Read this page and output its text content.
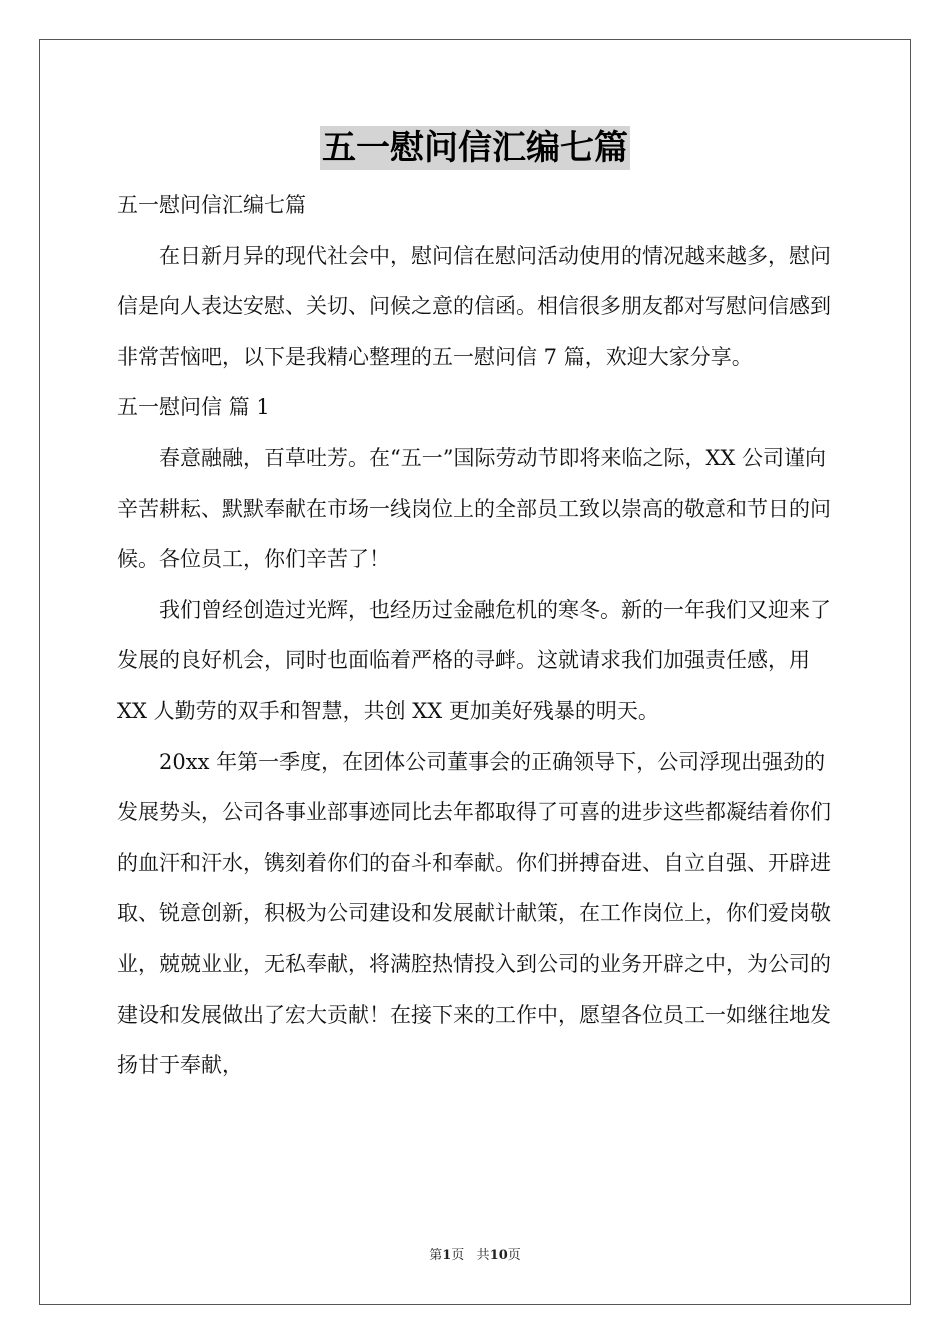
五一慰问信汇编七篇

五一慰问信汇编七篇

在日新月异的现代社会中，慰问信在慰问活动使用的情况越来越多，慰问信是向人表达安慰、关切、问候之意的信函。相信很多朋友都对写慰问信感到非常苦恼吧，以下是我精心整理的五一慰问信 7 篇，欢迎大家分享。

五一慰问信 篇 1

春意融融，百草吐芳。在“五一”国际劳动节即将来临之际，XX 公司谨向辛苦耕耘、默默奉献在市场一线岗位上的全部员工致以崇高的敬意和节日的问候。各位员工，你们辛苦了！

我们曾经创造过光辉，也经历过金融危机的寒冬。新的一年我们又迎来了发展的良好机会，同时也面临着严格的寻衅。这就请求我们加强责任感，用 XX 人勤劳的双手和智慧，共创 XX 更加美好残暴的明天。

20xx 年第一季度，在团体公司董事会的正确领导下，公司浮现出强劲的发展势头，公司各事业部事迹同比去年都取得了可喜的进步这些都凝结着你们的血汗和汗水，镌刻着你们的奋斗和奉献。你们拼搏奋进、自立自强、开辟进取、锐意创新，积极为公司建设和发展献计献策，在工作岗位上，你们爱岗敬业，兢兢业业，无私奉献，将满腔热情投入到公司的业务开辟之中，为公司的建设和发展做出了宏大贡献！在接下来的工作中，愿望各位员工一如继往地发扬甘于奉献，

第1页 共10页
